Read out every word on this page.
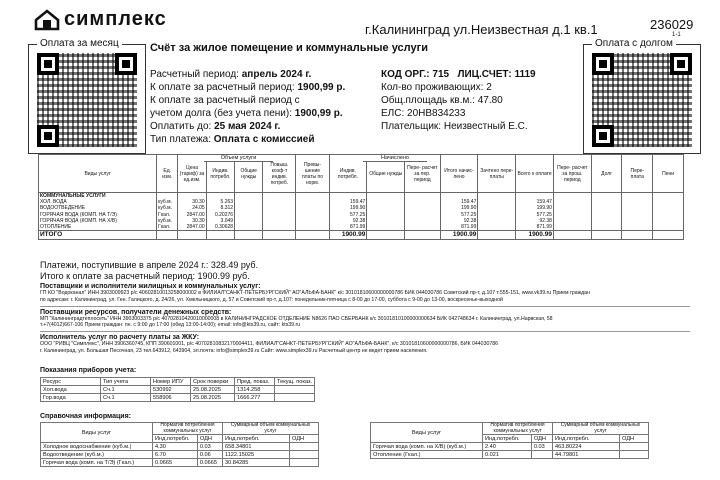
симплекс	г.Калининград ул.Неизвестная д.1 кв.1	236029
1-1
Оплата за месяц	Оплата с долгом
Счёт за жилое помещение и коммунальные услуги
Расчетный период: апрель 2024 г.
К оплате за расчетный период: 1900,99 р.
К оплате за расчетный период с
учетом долга (без учета пени): 1900,99 р.
Оплатить до: 25 мая 2024 г.
Тип платежа: Оплата с комиссией
КОД ОРГ.: 715 ЛИЦ.СЧЕТ: 1119
Кол-во проживающих: 2
Общ.площадь кв.м.: 47.80
ЕЛС: 20НВ834233
Плательщик: Неизвестный Е.С.
Виды услуг	Ед. изм.	Цена (тариф) за ед.изм.	Индив. потребл.	Общие нужды	Повыш. коэф-т индив. потреб.	Превы- шение платы по норм.	Индив. потребл.	Общие нужды	Пере- расчет за пер. период	Итого начис- лено	Зачтено пере- платы	Всего к оплате	Пере- расчет за прош. период	Долг	Пере- плата	Пени
КОММУНАЛЬНЫЕ УСЛУГИ																
ХОЛ. ВОДА	куб.м.	30.30	5.263				159.47			159.47		159.47				
ВОДООТВЕДЕНИЕ	куб.м.	24.05	8.312				199.90			199.90		199.90				
ГОРЯЧАЯ ВОДА (КОМП. НА Т/Э)	Гкал.	2847.00	0.20276				577.25			577.25		577.25				
ГОРЯЧАЯ ВОДА (КОМП. НА Х/В)	куб.м.	30.30	3.049				92.38			92.38		92.38				
ОТОПЛЕНИЕ	Гкал.	2847.00	0.30628				871.99			871.99		871.99				
ИТОГО							1900.99			1900.99		1900.99				
Объем услуги	Начислено
Платежи, поступившие в апреле 2024 г.: 328.49 руб.
Итого к оплате за расчетный период: 1900.99 руб.
Поставщики и исполнители жилищных и коммунальных услуг:
ГП КО "Водоканал" ИНН 3903009923 р/с 40602810013258000002 в ФИЛИАЛ"САНКТ-ПЕТЕРБУРГСКИЙ" АО"АЛЬФА-БАНК" к/с 30101810600000000786 БИК 044030786 Советский пр-т, д.107 т.555-151, www.vk39.ru Прием граждан
по адресам: г. Калининград, ул. Ген. Галицкого, д. 24/26, ул. Хмельницкого, д. 57 и Советский пр-т, д.107: понедельник-пятница с 8-00 до 17-00, суббота с 9-00 до 13-00, воскресенье-выходной
Поставщики ресурсов, получатели денежных средств:
МП "Калининградтеплосеть" ИНН 3903003375 р/с 40702810420010000008 в КАЛИНИНГРАДСКОЕ ОТДЕЛЕНИЕ N8626 ПАО СБЕРБАНК к/с 30101810100000000634 БИК 042748634 г. Калининград, ул.Нарвская, 58
т.+7(4012)667-106 Прием граждан: пн. с 9:00 до 17:00 (обед 13:00-14:00); email: info@kts39.ru, сайт: kts39.ru
Исполнитель услуг по расчету платы за ЖКУ:
ООО "РИВЦ "Симплекс", ИНН 3906360745, КПП 390601001, р/с 40702810832170004411, ФИЛИАЛ"САНКТ-ПЕТЕРБУРГСКИЙ" АО"АЛЬФА-БАНК", к/с 30101810600000000786, БИК 044030786
г. Калининград, ул. Большая Песочная, 23 тел.643912, 643904, эл.почта: info@simplex39.ru Сайт: www.simplex39.ru Расчетный центр не ведет прием населения.
Показания приборов учета:
Ресурс	Тип учета	Номер ИПУ	Срок поверки	Пред. показ.	Текущ. показ.
Хол.вода	Сч.1	530992	25.08.2025	1314.258	
Гор.вода	Сч.1	558906	25.08.2025	1666.277	
Справочная информация:
Виды услуг	Норматив потребления коммунальных услуг		Суммарный объем коммунальных услуг	
	Инд.потребл.	ОДН	Инд.потребл.	ОДН
Холодное водоснабжение (куб.м.)	4.30	0.03	658.34801	
Водоотведение (куб.м.)	6.70	0.06	1122.15025	
Горячая вода (комп. на Т/Э) (Гкал.)	0.0665	0.0665	30.84285	
Виды услуг	Норматив потребления коммунальных услуг		Суммарный объем коммунальных услуг	
	Инд.потребл.	ОДН	Инд.потребл.	ОДН
Горячая вода (комп. на Х/В) (куб.м.)	2.40	0.03	463.80224	
Отопление (Гкал.)	0.021		44.79801	
